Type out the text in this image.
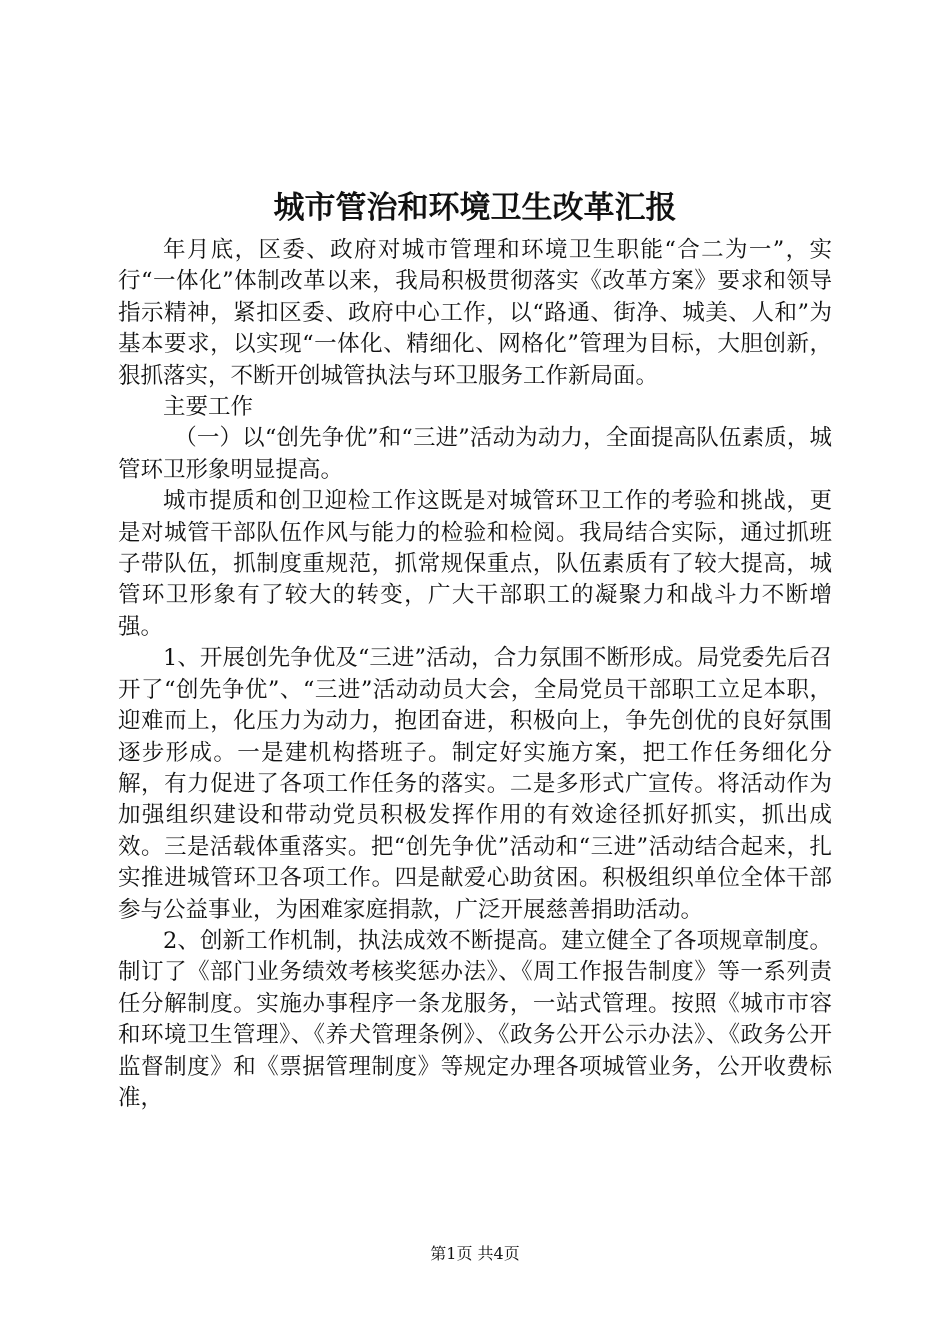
城市管治和环境卫生改革汇报

年月底，区委、政府对城市管理和环境卫生职能“合二为一”，实行“一体化”体制改革以来，我局积极贯彻落实《改革方案》要求和领导指示精神，紧扣区委、政府中心工作，以“路通、街净、城美、人和”为基本要求，以实现“一体化、精细化、网格化”管理为目标，大胆创新，狠抓落实，不断开创城管执法与环卫服务工作新局面。

主要工作

（一）以“创先争优”和“三进”活动为动力，全面提高队伍素质，城管环卫形象明显提高。

城市提质和创卫迎检工作这既是对城管环卫工作的考验和挑战，更是对城管干部队伍作风与能力的检验和检阅。我局结合实际，通过抓班子带队伍，抓制度重规范，抓常规保重点，队伍素质有了较大提高，城管环卫形象有了较大的转变，广大干部职工的凝聚力和战斗力不断增强。

1、开展创先争优及“三进”活动，合力氛围不断形成。局党委先后召开了“创先争优”、“三进”活动动员大会，全局党员干部职工立足本职，迎难而上，化压力为动力，抱团奋进，积极向上，争先创优的良好氛围逐步形成。一是建机构搭班子。制定好实施方案，把工作任务细化分解，有力促进了各项工作任务的落实。二是多形式广宣传。将活动作为加强组织建设和带动党员积极发挥作用的有效途径抓好抓实，抓出成效。三是活载体重落实。把“创先争优”活动和“三进”活动结合起来，扎实推进城管环卫各项工作。四是献爱心助贫困。积极组织单位全体干部参与公益事业，为困难家庭捐款，广泛开展慈善捐助活动。

2、创新工作机制，执法成效不断提高。建立健全了各项规章制度。制订了《部门业务绩效考核奖惩办法》、《周工作报告制度》等一系列责任分解制度。实施办事程序一条龙服务，一站式管理。按照《城市市容和环境卫生管理》、《养犬管理条例》、《政务公开公示办法》、《政务公开监督制度》和《票据管理制度》等规定办理各项城管业务，公开收费标准，

第1页 共4页
